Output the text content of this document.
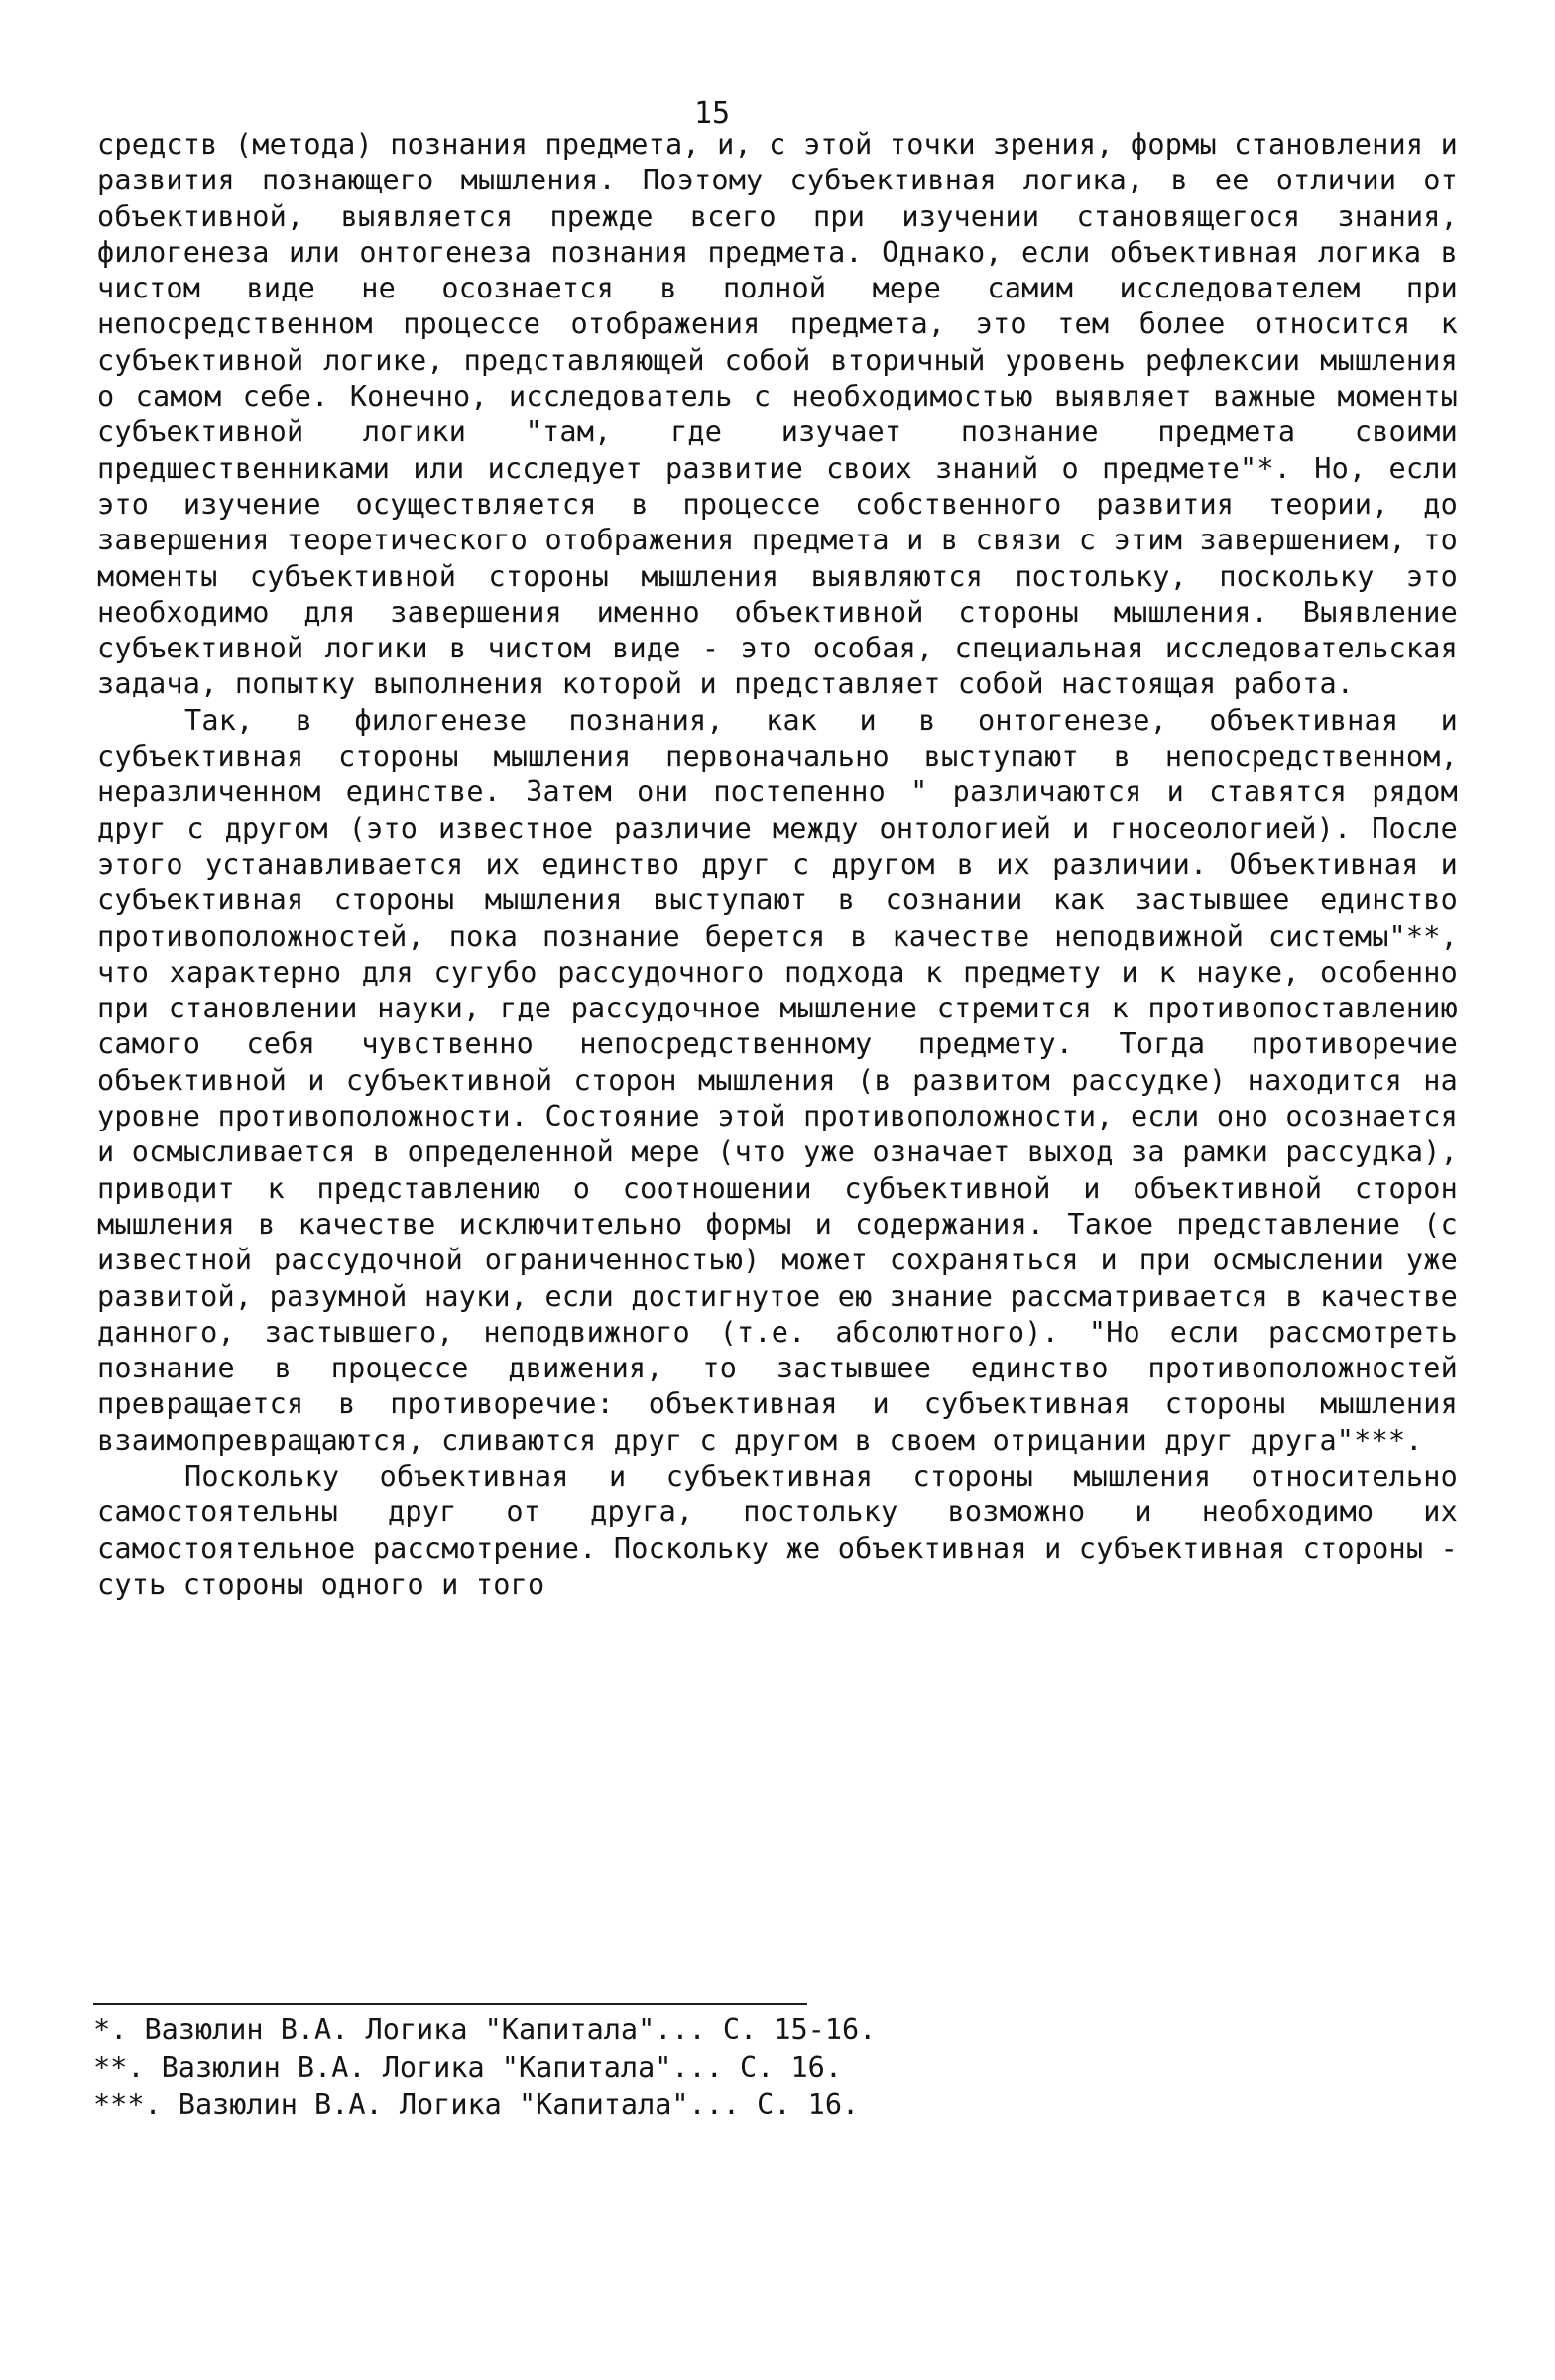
15

средств (метода) познания предмета, и, с этой точки зрения, формы становления и развития познающего мышления. Поэтому субъективная логика, в ее отличии от объективной, выявляется прежде всего при изучении становящегося знания, филогенеза или онтогенеза познания предмета. Однако, если объективная логика в чистом виде не осознается в полной мере самим исследователем при непосредственном процессе отображения предмета, это тем более относится к субъективной логике, представляющей собой вторичный уровень рефлексии мышления о самом себе. Конечно, исследователь с необходимостью выявляет важные моменты субъективной логики "там, где изучает познание предмета своими предшественниками или исследует развитие своих знаний о предмете"*. Но, если это изучение осуществляется в процессе собственного развития теории, до завершения теоретического отображения предмета и в связи с этим завершением, то моменты субъективной стороны мышления выявляются постольку, поскольку это необходимо для завершения именно объективной стороны мышления. Выявление субъективной логики в чистом виде - это особая, специальная исследовательская задача, попытку выполнения которой и представляет собой настоящая работа.

Так, в филогенезе познания, как и в онтогенезе, объективная и субъективная стороны мышления первоначально выступают в непосредственном, неразличенном единстве. Затем они постепенно " различаются и ставятся рядом друг с другом (это известное различие между онтологией и гносеологией). После этого устанавливается их единство друг с другом в их различии. Объективная и субъективная стороны мышления выступают в сознании как застывшее единство противоположностей, пока познание берется в качестве неподвижной системы"**, что характерно для сугубо рассудочного подхода к предмету и к науке, особенно при становлении науки, где рассудочное мышление стремится к противопоставлению самого себя чувственно непосредственному предмету. Тогда противоречие объективной и субъективной сторон мышления (в развитом рассудке) находится на уровне противоположности. Состояние этой противоположности, если оно осознается и осмысливается в определенной мере (что уже означает выход за рамки рассудка), приводит к представлению о соотношении субъективной и объективной сторон мышления в качестве исключительно формы и содержания. Такое представление (с известной рассудочной ограниченностью) может сохраняться и при осмыслении уже развитой, разумной науки, если достигнутое ею знание рассматривается в качестве данного, застывшего, неподвижного (т.е. абсолютного). "Но если рассмотреть познание в процессе движения, то застывшее единство противоположностей превращается в противоречие: объективная и субъективная стороны мышления взаимопревращаются, сливаются друг с другом в своем отрицании друг друга"***.

Поскольку объективная и субъективная стороны мышления относительно самостоятельны друг от друга, постольку возможно и необходимо их самостоятельное рассмотрение. Поскольку же объективная и субъективная стороны - суть стороны одного и того

*. Вазюлин В.А. Логика "Капитала"... С. 15-16.
**. Вазюлин В.А. Логика "Капитала"... С. 16.
***. Вазюлин В.А. Логика "Капитала"... С. 16.
